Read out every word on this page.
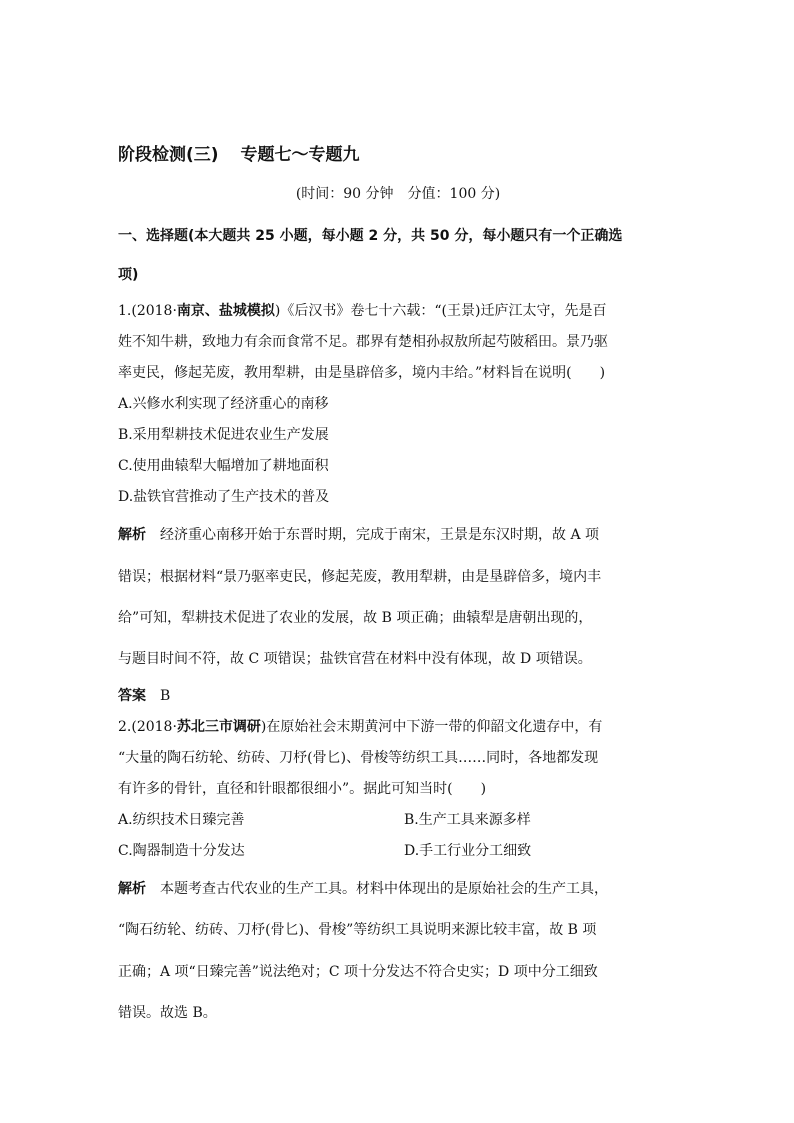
阶段检测(三) 专题七～专题九
(时间：90 分钟　分值：100 分)
一、选择题(本大题共 25 小题，每小题 2 分，共 50 分，每小题只有一个正确选
项)
1.(2018·南京、盐城模拟)《后汉书》卷七十六载：“(王景)迁庐江太守，先是百
姓不知牛耕，致地力有余而食常不足。郡界有楚相孙叔敖所起芍陂稻田。景乃驱
率吏民，修起芜废，教用犁耕，由是垦辟倍多，境内丰给。”材料旨在说明(　　)
A.兴修水利实现了经济重心的南移
B.采用犁耕技术促进农业生产发展
C.使用曲辕犁大幅增加了耕地面积
D.盐铁官营推动了生产技术的普及
解析 经济重心南移开始于东晋时期，完成于南宋，王景是东汉时期，故 A 项
错误；根据材料“景乃驱率吏民，修起芜废，教用犁耕，由是垦辟倍多，境内丰
给”可知，犁耕技术促进了农业的发展，故 B 项正确；曲辕犁是唐朝出现的，
与题目时间不符，故 C 项错误；盐铁官营在材料中没有体现，故 D 项错误。
答案 B
2.(2018·苏北三市调研)在原始社会末期黄河中下游一带的仰韶文化遗存中，有
“大量的陶石纺轮、纺砖、刀杼(骨匕)、骨梭等纺织工具……同时，各地都发现
有许多的骨针，直径和针眼都很细小”。据此可知当时(　　)
A.纺织技术日臻完善	B.生产工具来源多样
C.陶器制造十分发达	D.手工行业分工细致
解析 本题考查古代农业的生产工具。材料中体现出的是原始社会的生产工具，
“陶石纺轮、纺砖、刀杼(骨匕)、骨梭”等纺织工具说明来源比较丰富，故 B 项
正确；A 项“日臻完善”说法绝对；C 项十分发达不符合史实；D 项中分工细致
错误。故选 B。
